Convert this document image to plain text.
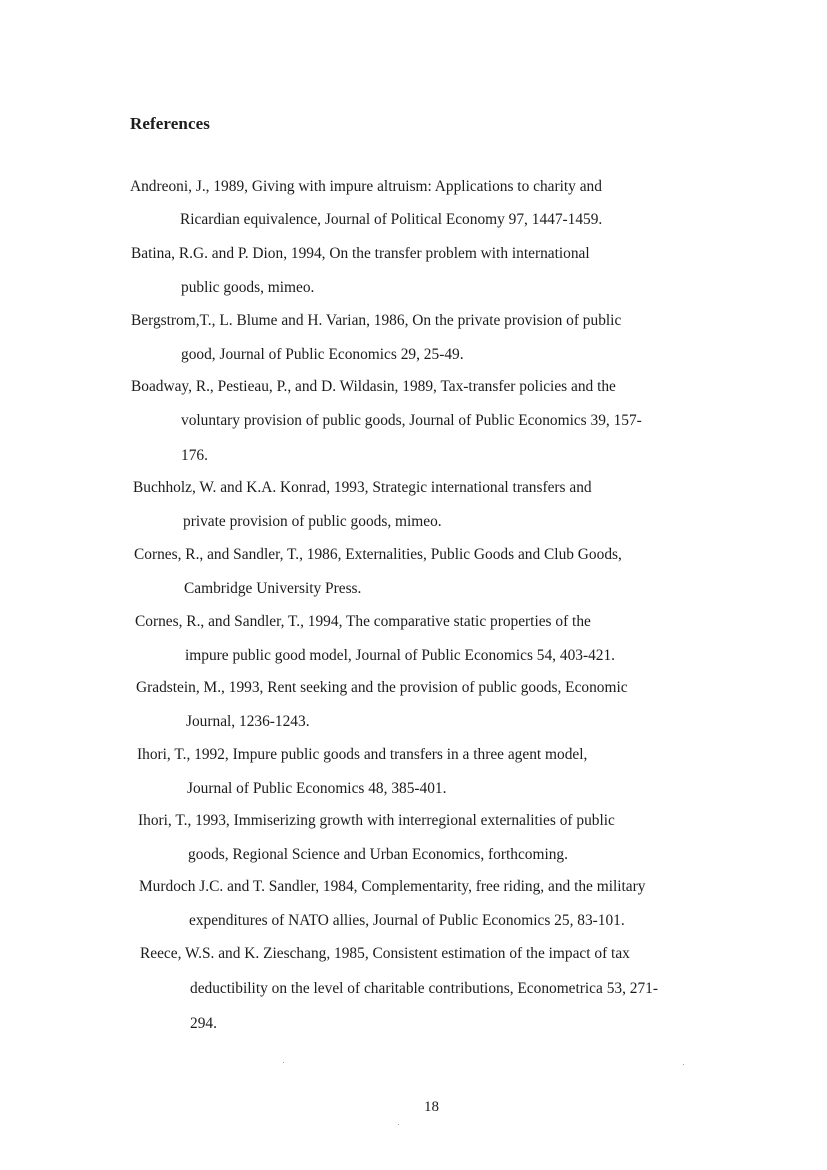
References
Andreoni, J., 1989, Giving with impure altruism: Applications to charity and
Ricardian equivalence, Journal of Political Economy 97, 1447-1459.
Batina, R.G. and P. Dion, 1994, On the transfer problem with international
public goods, mimeo.
Bergstrom,T., L. Blume and H. Varian, 1986, On the private provision of public
good, Journal of Public Economics 29, 25-49.
Boadway, R., Pestieau, P., and D. Wildasin, 1989, Tax-transfer policies and the
voluntary provision of public goods, Journal of Public Economics 39, 157-
176.
Buchholz, W. and K.A. Konrad, 1993, Strategic international transfers and
private provision of public goods, mimeo.
Cornes, R., and Sandler, T., 1986, Externalities, Public Goods and Club Goods,
Cambridge University Press.
Cornes, R., and Sandler, T., 1994, The comparative static properties of the
impure public good model, Journal of Public Economics 54, 403-421.
Gradstein, M., 1993, Rent seeking and the provision of public goods, Economic
Journal, 1236-1243.
Ihori, T., 1992, Impure public goods and transfers in a three agent model,
Journal of Public Economics 48, 385-401.
Ihori, T., 1993, Immiserizing growth with interregional externalities of public
goods, Regional Science and Urban Economics, forthcoming.
Murdoch J.C. and T. Sandler, 1984, Complementarity, free riding, and the military
expenditures of NATO allies, Journal of Public Economics 25, 83-101.
Reece, W.S. and K. Zieschang, 1985, Consistent estimation of the impact of tax
deductibility on the level of charitable contributions, Econometrica 53, 271-
294.
18
